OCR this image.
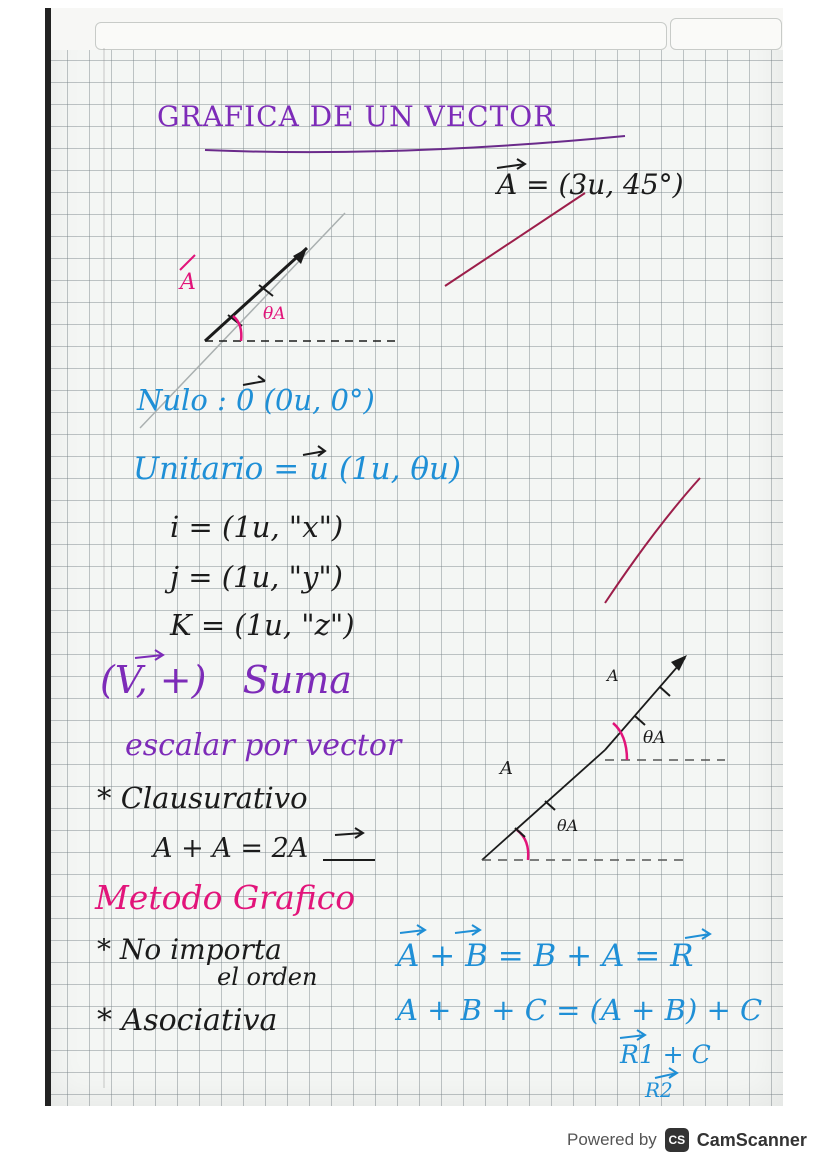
GRAFICA DE UN VECTOR
A = (3u, 45°)
A
θA
Nulo : 0 (0u, 0°)
Unitario = u (1u, θu)
i = (1u, "x")
j = (1u, "y")
K = (1u, "z")
(V, +)   Suma
escalar por vector
* Clausurativo
A + A = 2A
Metodo Grafico
* No importa
el orden
A + B = B + A = R
* Asociativa	A + B + C = (A + B) + C
R1 + C
R2
A
A
θA
θA
Powered by CS CamScanner
